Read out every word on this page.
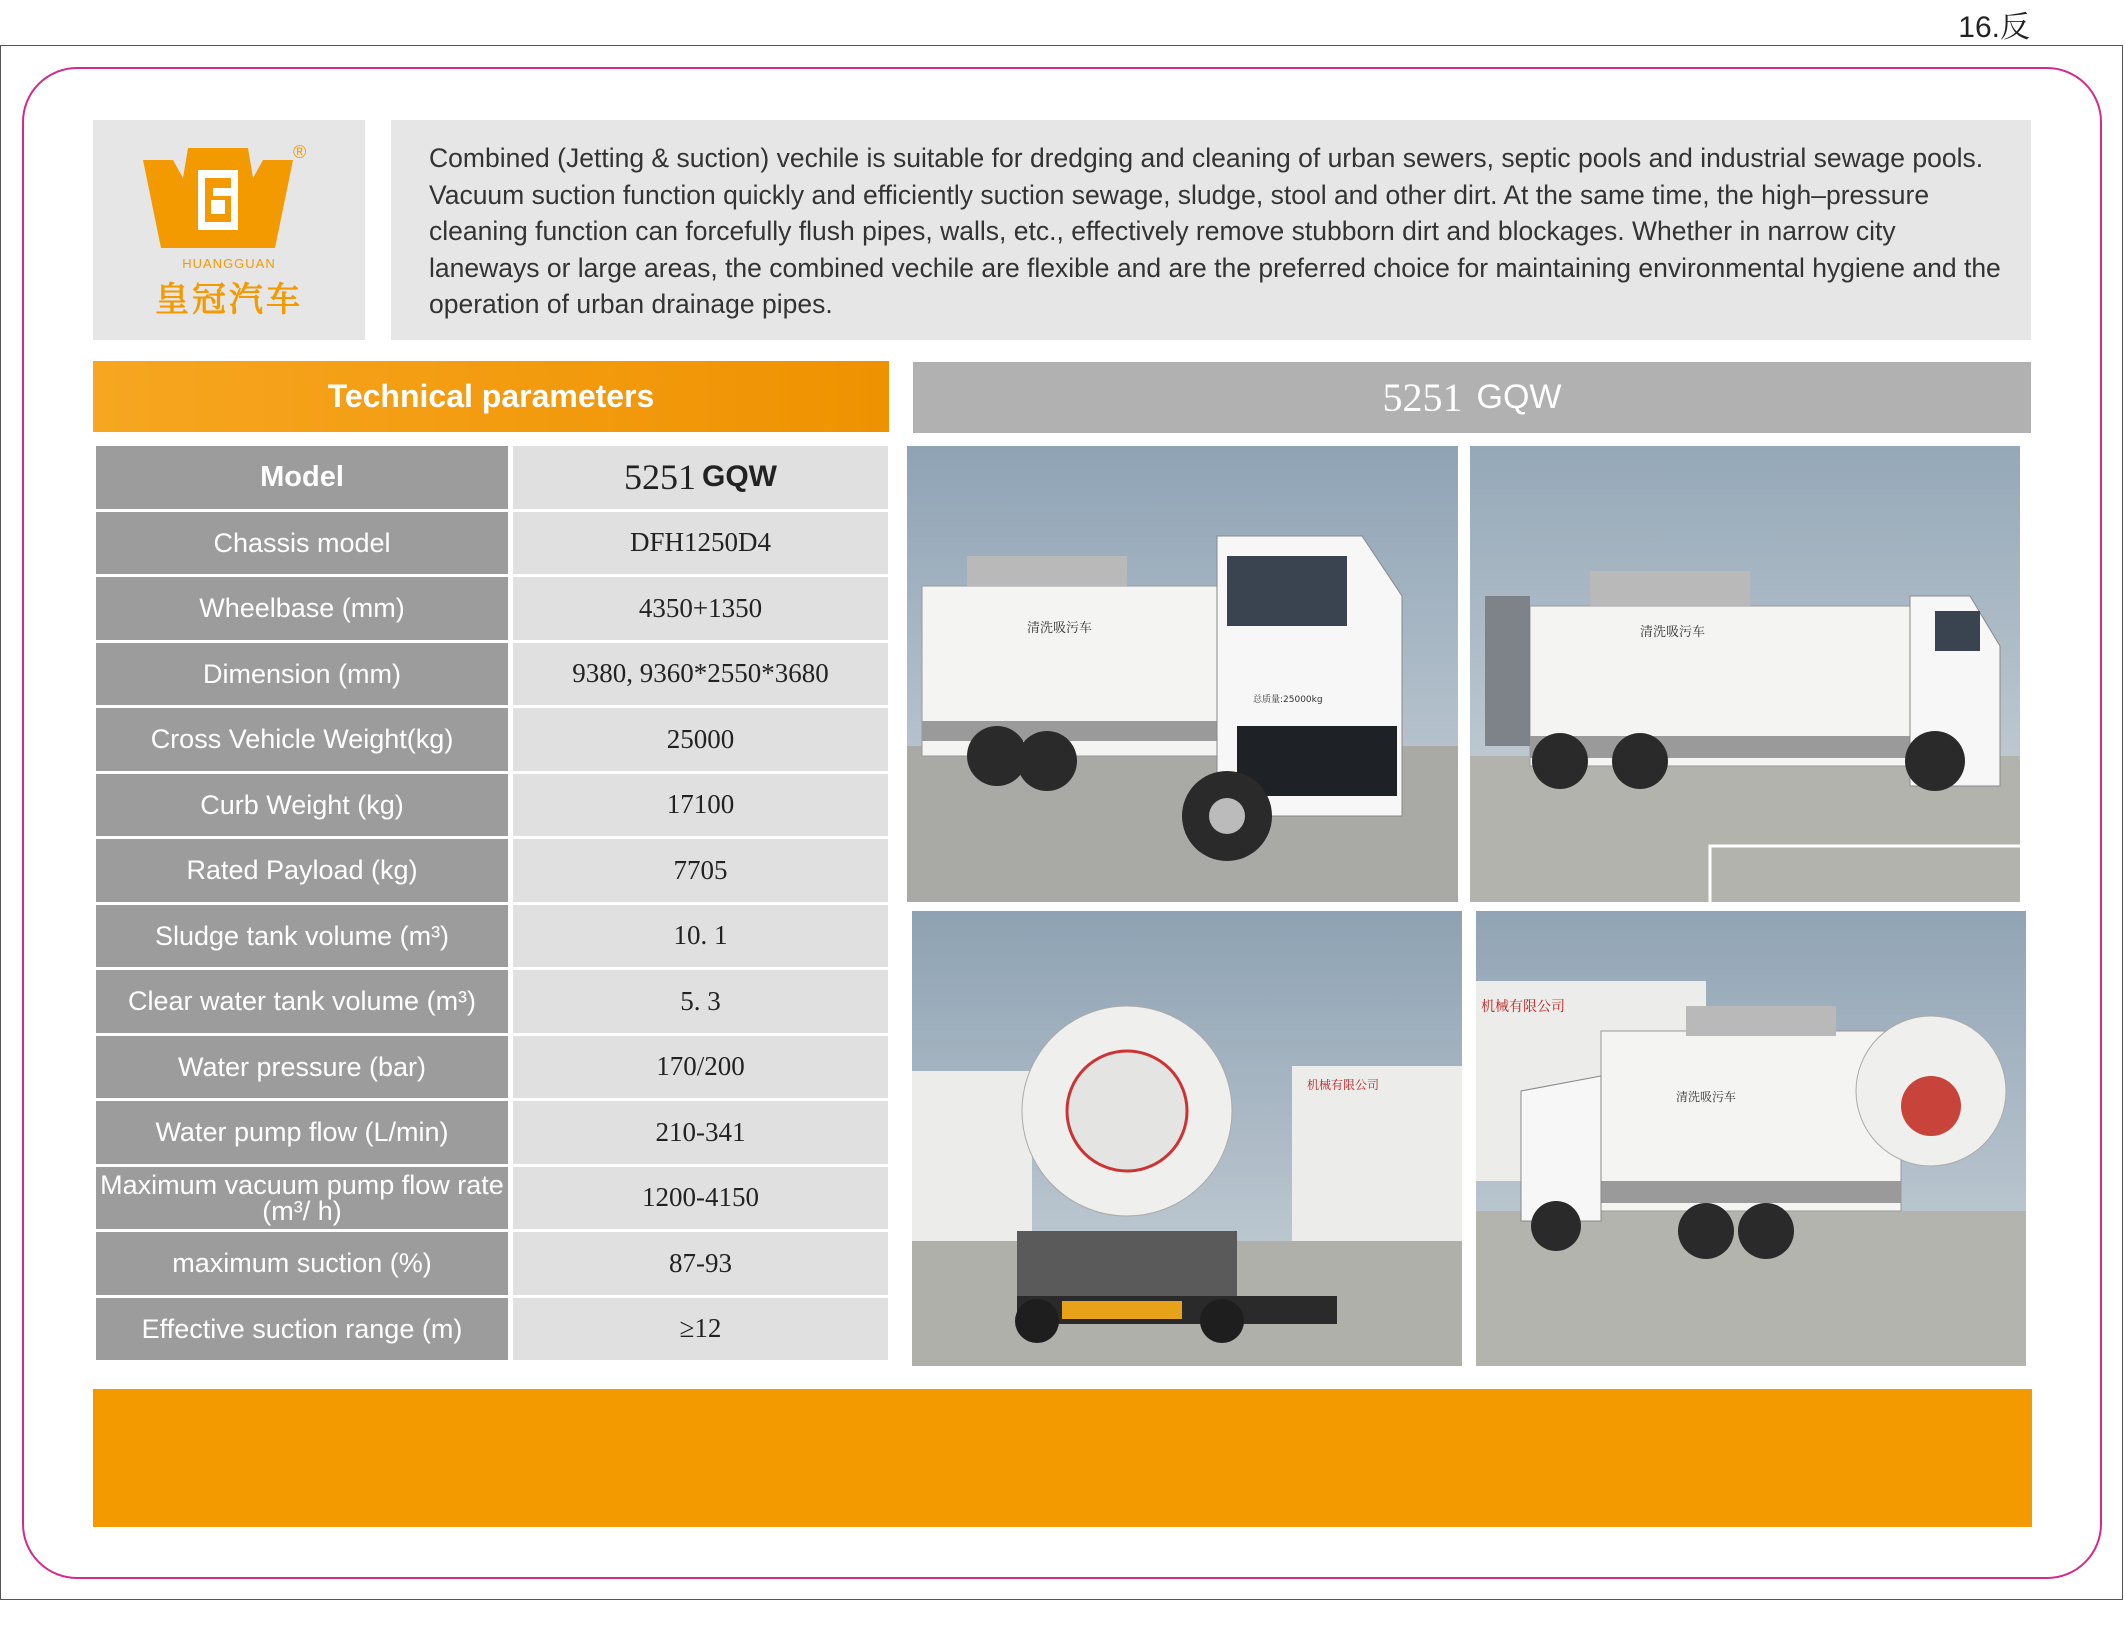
16.反
®
HUANGGUAN
皇冠汽车
Combined (Jetting & suction) vechile is suitable for dredging and cleaning of urban sewers, septic pools and industrial sewage pools. Vacuum suction function quickly and efficiently suction sewage, sludge, stool and other dirt. At the same time, the high–pressure cleaning function can forcefully flush pipes, walls, etc., effectively remove stubborn dirt and blockages. Whether in narrow city laneways or large areas, the combined vechile are flexible and are the preferred choice for maintaining environmental hygiene and the operation of urban drainage pipes.
Technical parameters	5251 GQW
Model	5251 GQW
Chassis model	DFH1250D4
Wheelbase (mm)	4350+1350
Dimension (mm)	9380, 9360*2550*3680
Cross Vehicle Weight(kg)	25000
Curb Weight (kg)	17100
Rated Payload (kg)	7705
Sludge tank volume (m³)	10. 1
Clear water tank volume (m³)	5. 3
Water pressure (bar)	170/200
Water pump flow (L/min)	210-341
Maximum vacuum pump flow rate (m³/ h)	1200-4150
maximum suction (%)	87-93
Effective suction range (m)	≥12
清洗吸污车
总质量:25000kg
清洗吸污车
机械有限公司
机械有限公司
清洗吸污车
